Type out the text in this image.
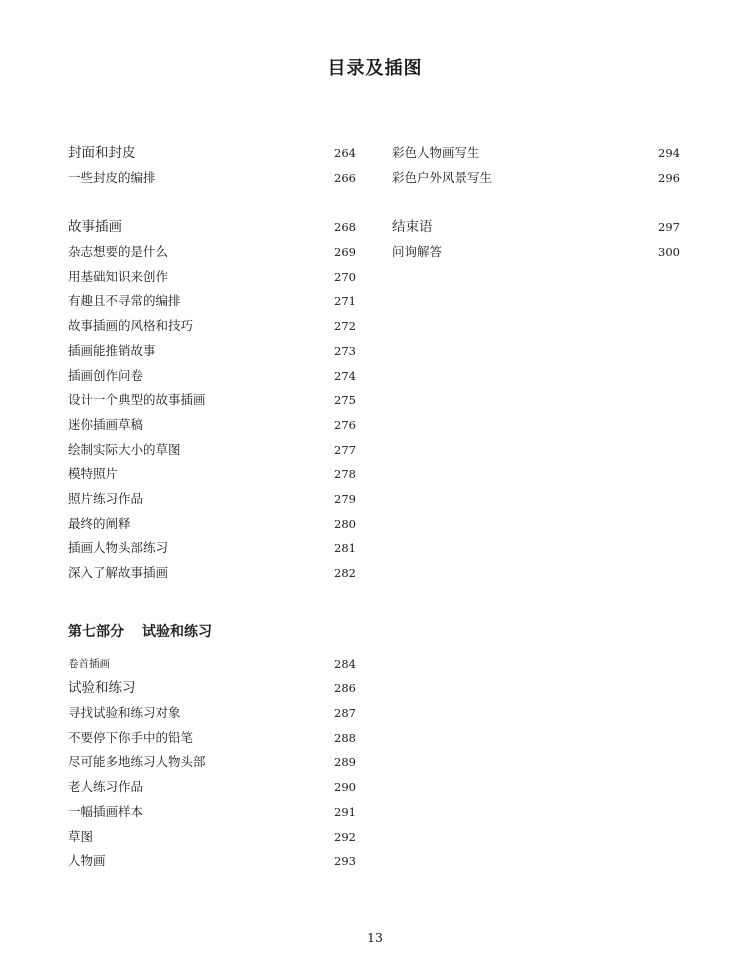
目录及插图
封面和封皮	264
一些封皮的编排	266
故事插画	268
杂志想要的是什么	269
用基础知识来创作	270
有趣且不寻常的编排	271
故事插画的风格和技巧	272
插画能推销故事	273
插画创作问卷	274
设计一个典型的故事插画	275
迷你插画草稿	276
绘制实际大小的草图	277
模特照片	278
照片练习作品	279
最终的阐释	280
插画人物头部练习	281
深入了解故事插画	282
第七部分 试验和练习
卷首插画	284
试验和练习	286
寻找试验和练习对象	287
不要停下你手中的铅笔	288
尽可能多地练习人物头部	289
老人练习作品	290
一幅插画样本	291
草图	292
人物画	293
彩色人物画写生	294
彩色户外风景写生	296
结束语	297
问询解答	300
13
